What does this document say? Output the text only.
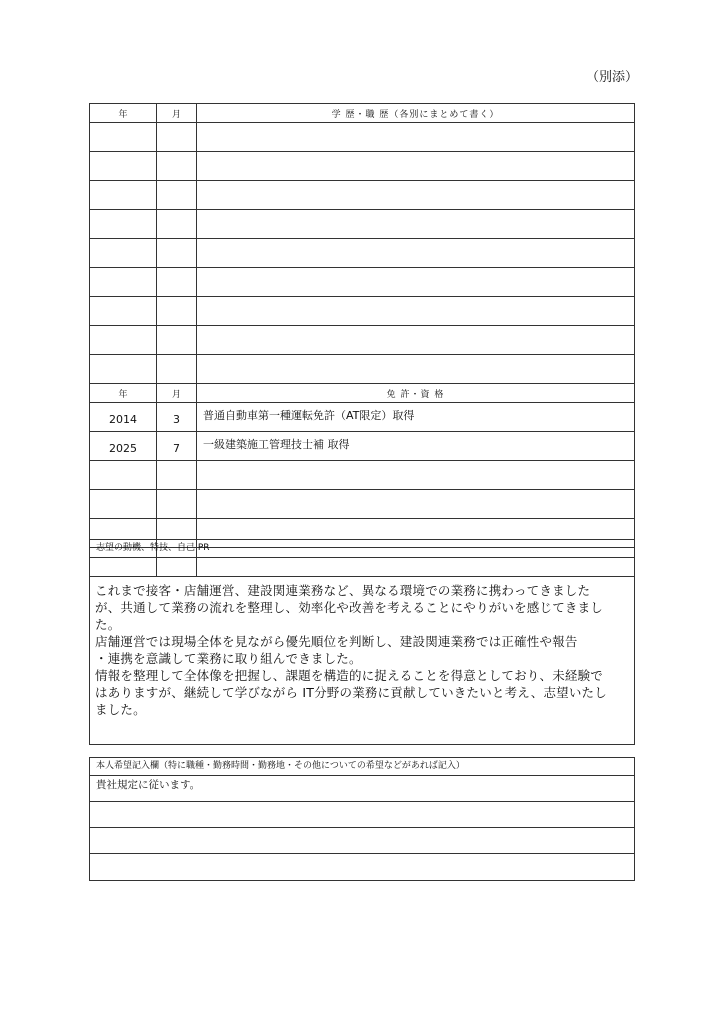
（別添）
年	月	学 歴・職 歴（各別にまとめて書く）

年	月	免 許・資 格
2014	3	普通自動車第一種運転免許（AT限定）取得
2025	7	一級建築施工管理技士補 取得

志望の動機、特技、自己 PR
これまで接客・店舗運営、建設関連業務など、異なる環境での業務に携わってきました
が、共通して業務の流れを整理し、効率化や改善を考えることにやりがいを感じてきまし
た。
店舗運営では現場全体を見ながら優先順位を判断し、建設関連業務では正確性や報告
・連携を意識して業務に取り組んできました。
情報を整理して全体像を把握し、課題を構造的に捉えることを得意としており、未経験で
はありますが、継続して学びながら IT分野の業務に貢献していきたいと考え、志望いたし
ました。
本人希望記入欄（特に職種・勤務時間・勤務地・その他についての希望などがあれば記入）
貴社規定に従います。
